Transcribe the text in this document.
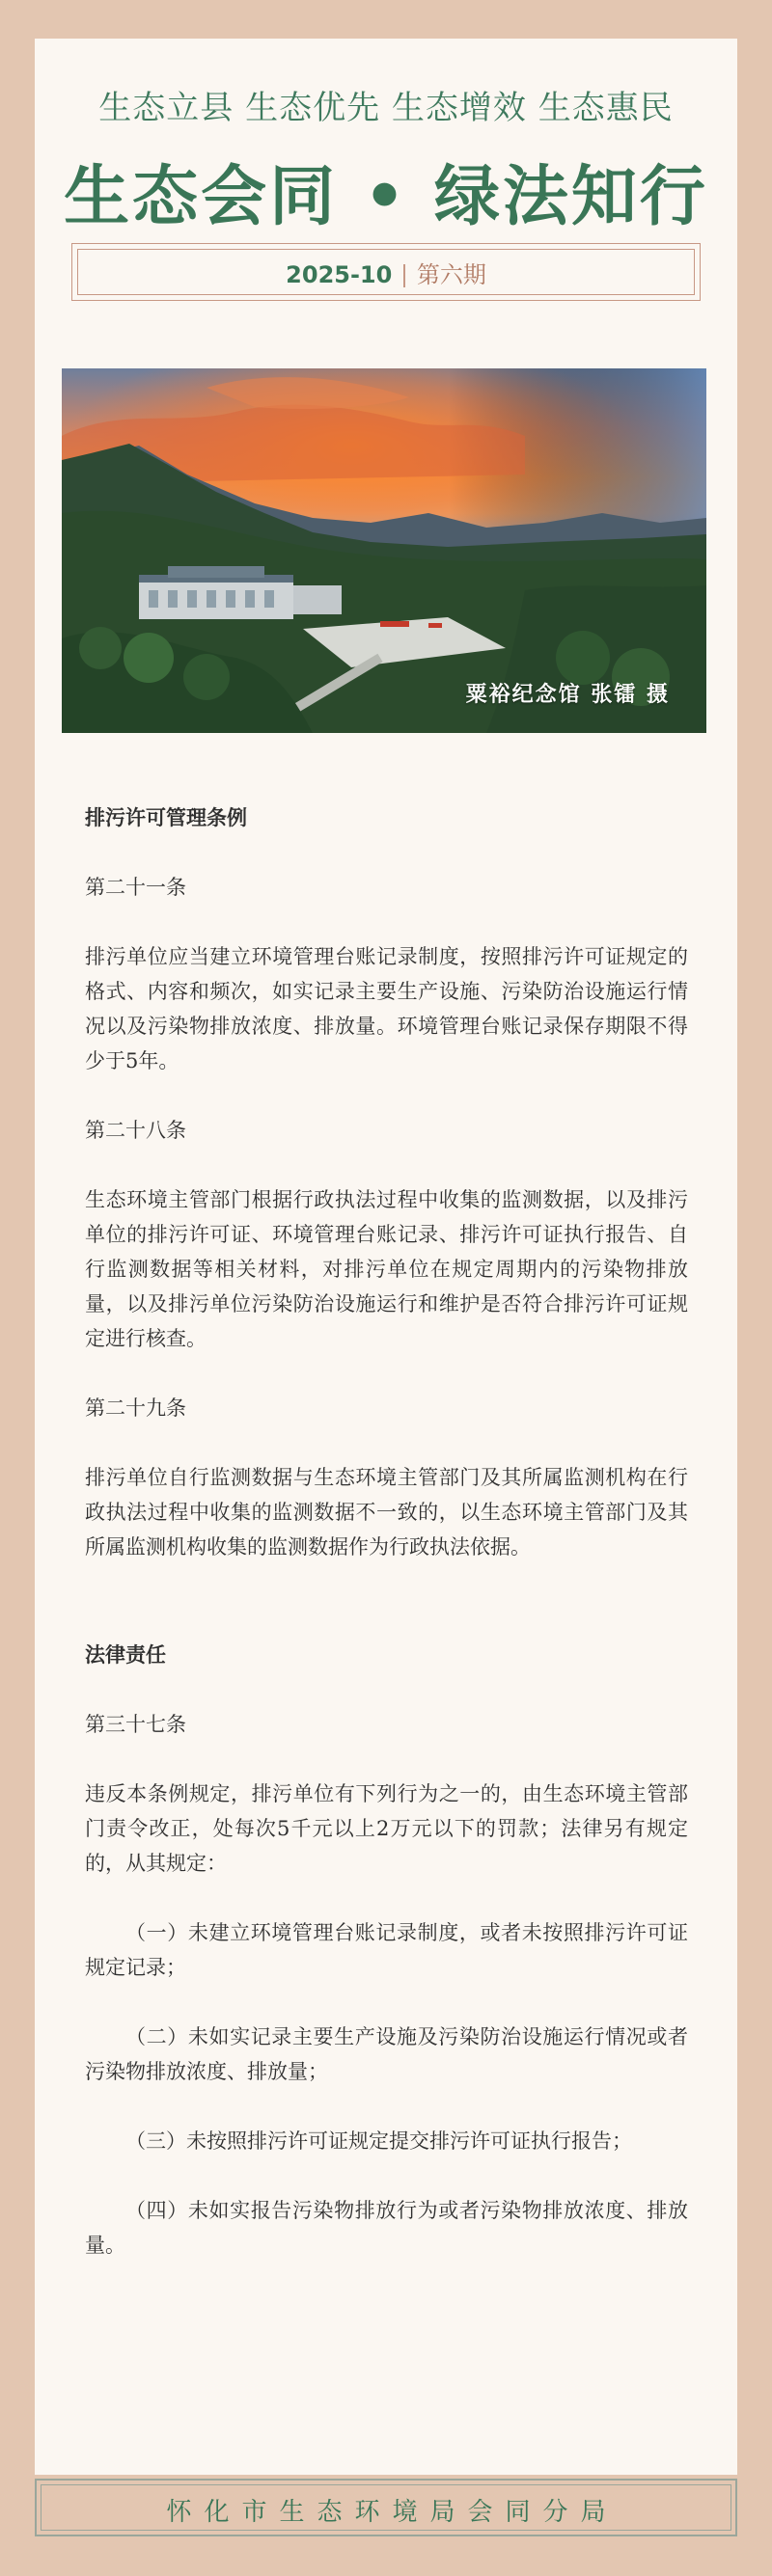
生态立县 生态优先 生态增效 生态惠民
生态会同 • 绿法知行
2025-10 第六期
粟裕纪念馆 张镭 摄

排污许可管理条例

第二十一条

排污单位应当建立环境管理台账记录制度，按照排污许可证规定的格式、内容和频次，如实记录主要生产设施、污染防治设施运行情况以及污染物排放浓度、排放量。环境管理台账记录保存期限不得少于5年。

第二十八条

生态环境主管部门根据行政执法过程中收集的监测数据，以及排污单位的排污许可证、环境管理台账记录、排污许可证执行报告、自行监测数据等相关材料，对排污单位在规定周期内的污染物排放量，以及排污单位污染防治设施运行和维护是否符合排污许可证规定进行核查。

第二十九条

排污单位自行监测数据与生态环境主管部门及其所属监测机构在行政执法过程中收集的监测数据不一致的，以生态环境主管部门及其所属监测机构收集的监测数据作为行政执法依据。

法律责任

第三十七条

违反本条例规定，排污单位有下列行为之一的，由生态环境主管部门责令改正，处每次5千元以上2万元以下的罚款；法律另有规定的，从其规定：

（一）未建立环境管理台账记录制度，或者未按照排污许可证规定记录；

（二）未如实记录主要生产设施及污染防治设施运行情况或者污染物排放浓度、排放量；

（三）未按照排污许可证规定提交排污许可证执行报告；

（四）未如实报告污染物排放行为或者污染物排放浓度、排放量。

怀化市生态环境局会同分局
